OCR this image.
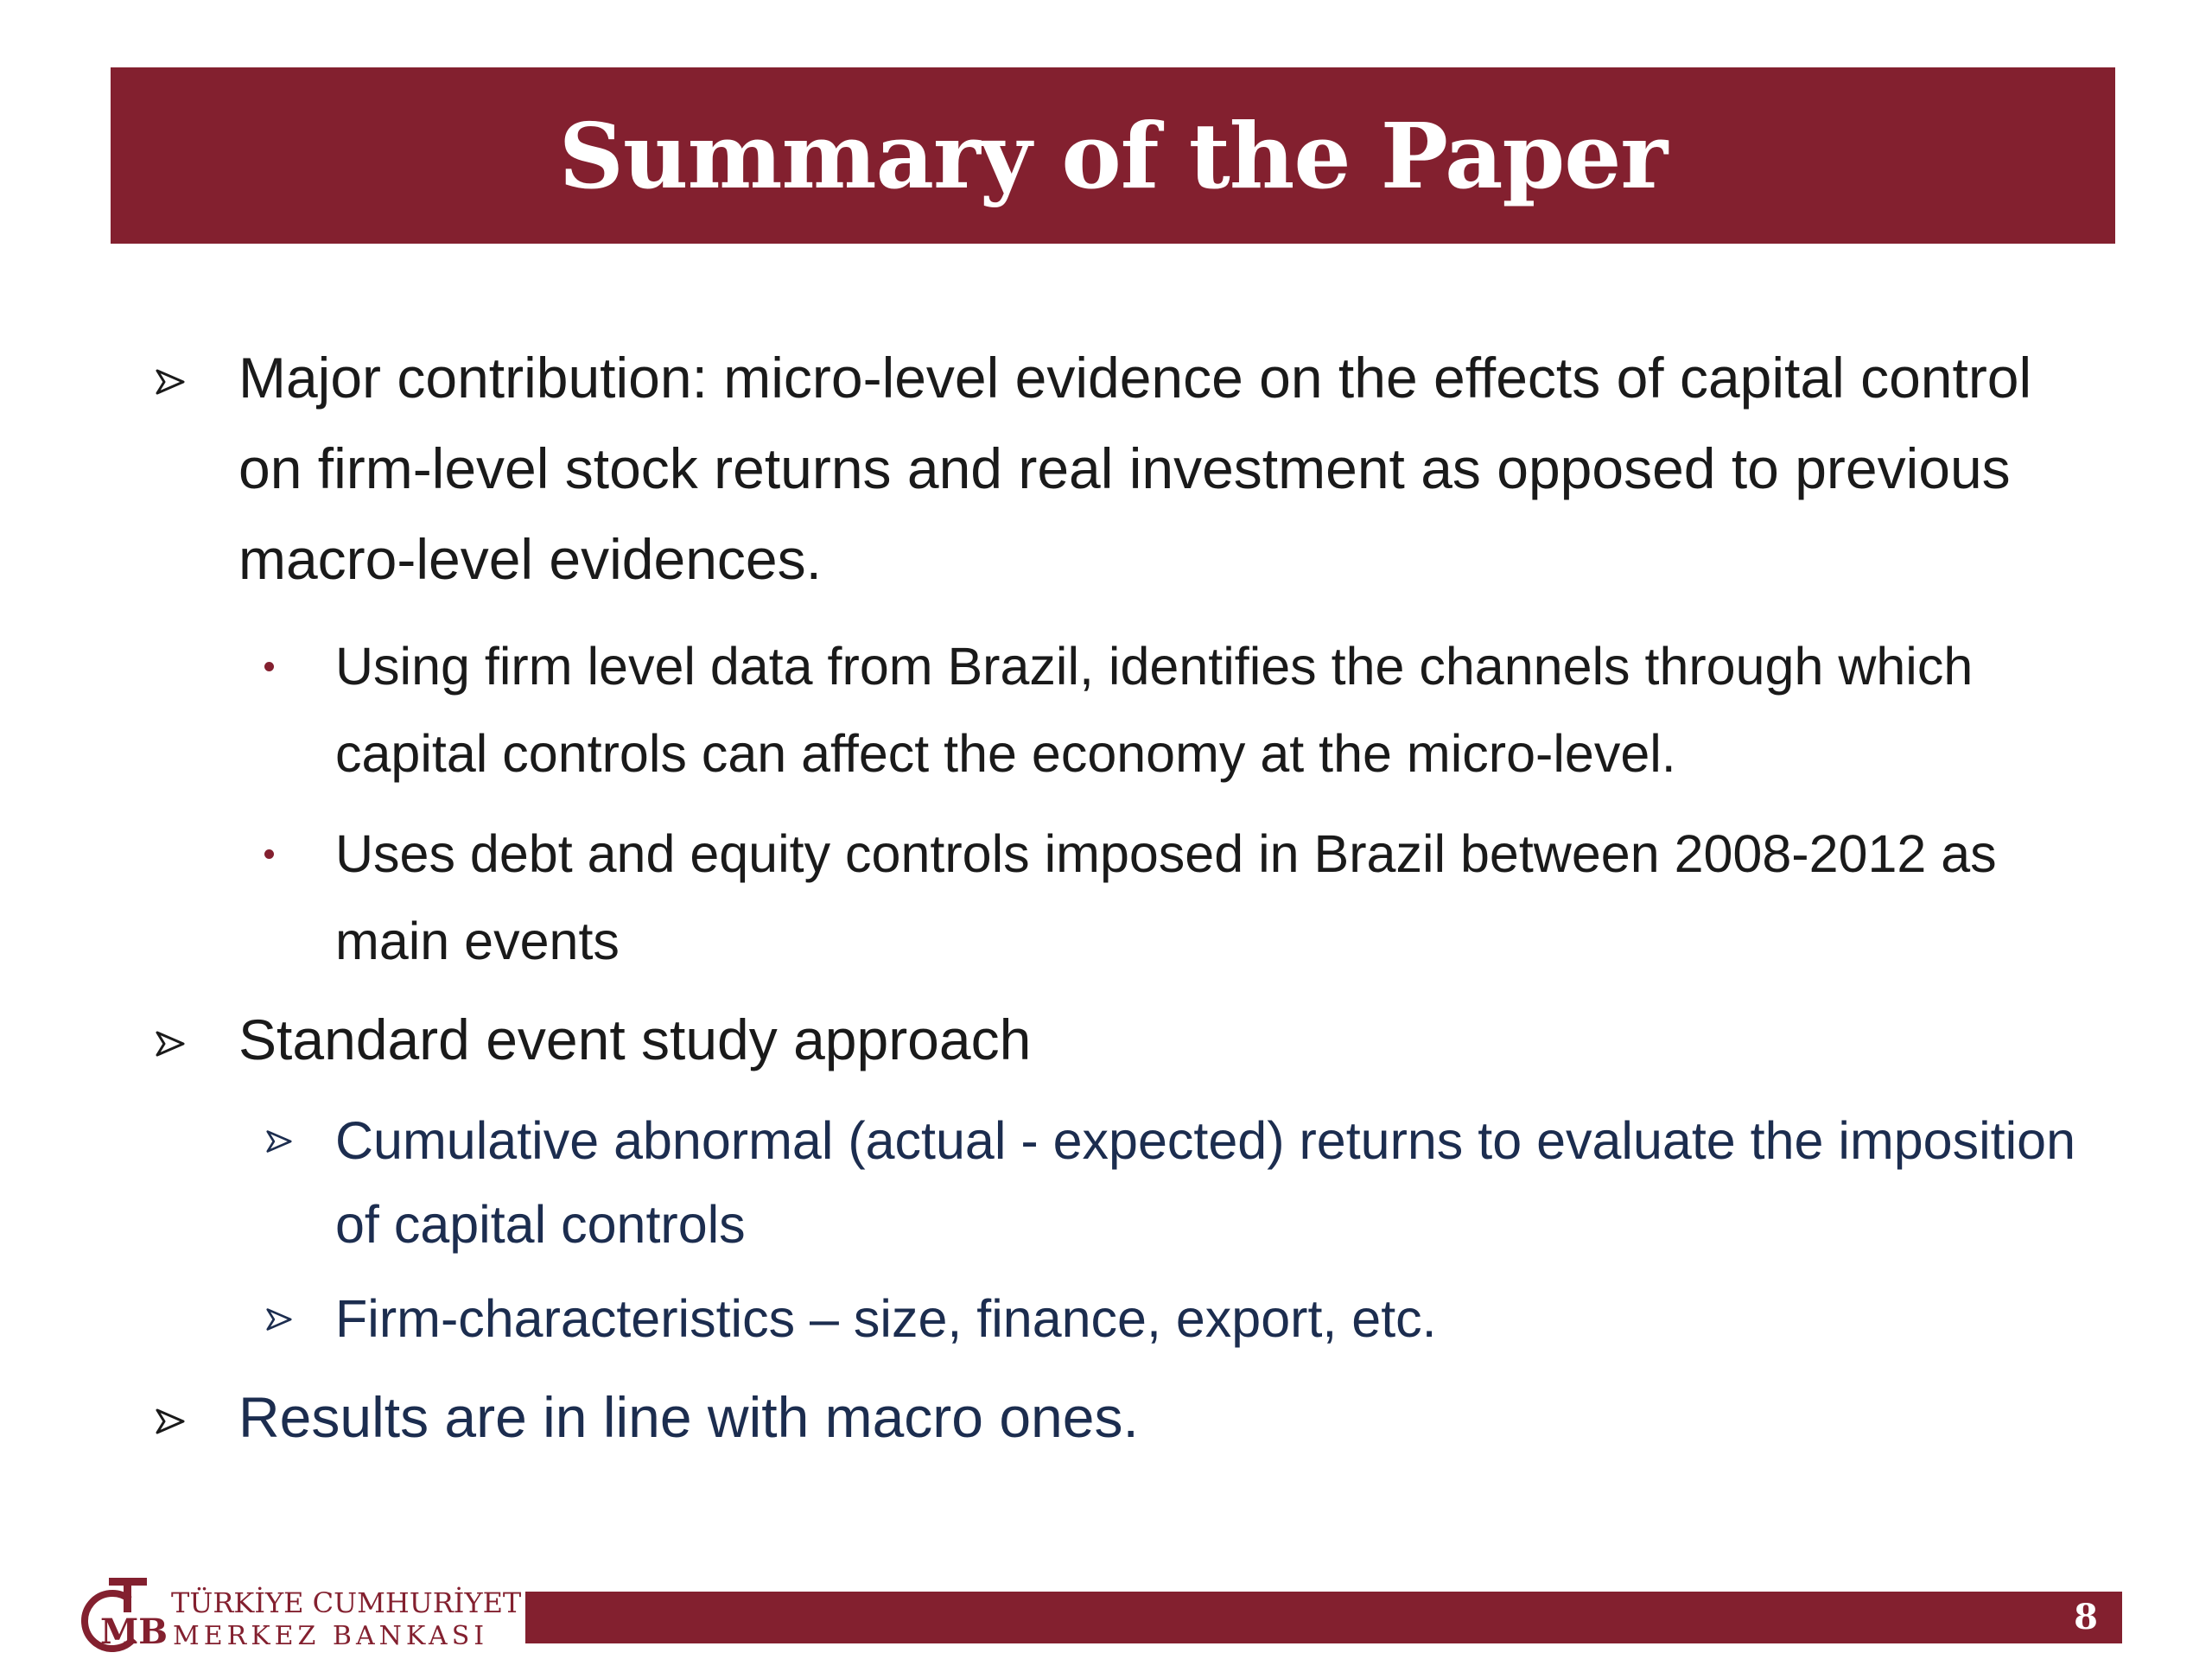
Summary of the Paper
Major contribution: micro-level evidence on the effects of capital control
on firm-level stock returns and real investment as opposed to previous
macro-level evidences.
Using firm level data from Brazil, identifies the channels through which
capital controls can affect the economy at the micro-level.
Uses debt and equity controls imposed in Brazil between 2008-2012 as
main events
Standard event study approach
Cumulative abnormal (actual - expected) returns to evaluate the imposition
of capital controls
Firm-characteristics – size, finance, export, etc.
Results are in line with macro ones.
MB
TÜRKİYE CUMHURİYET
MERKEZ BANKASI	8
